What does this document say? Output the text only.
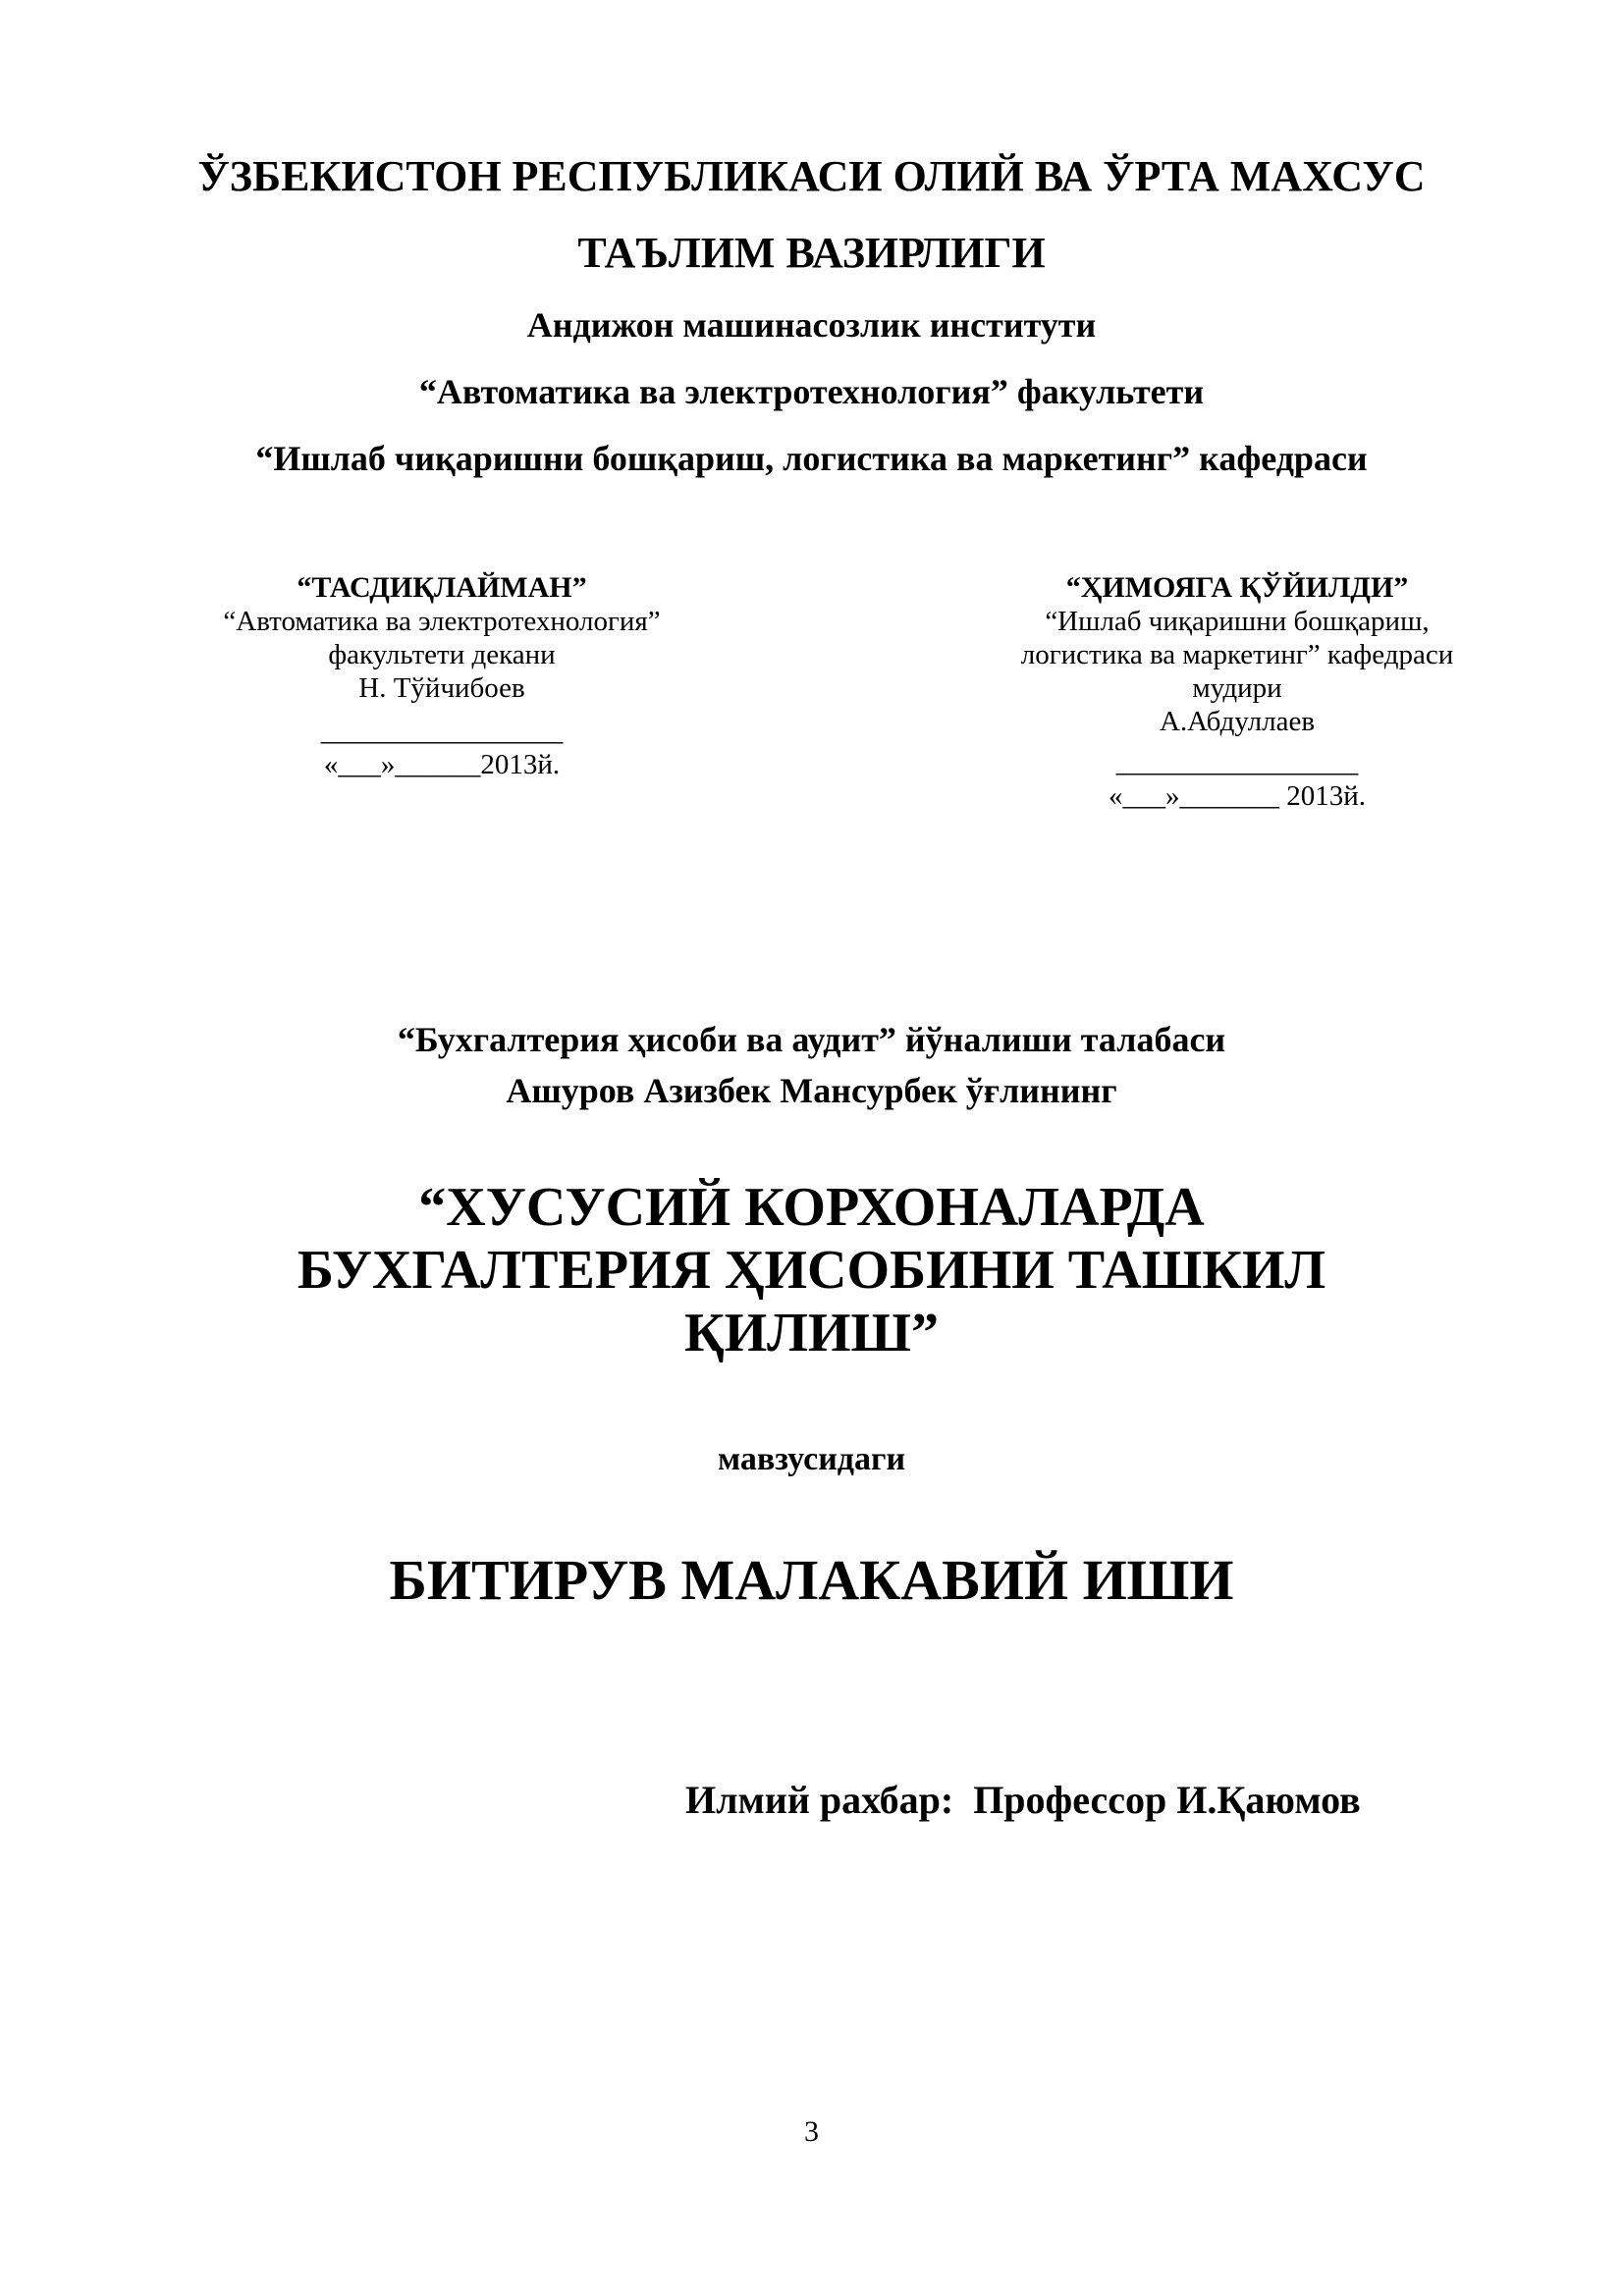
ЎЗБЕКИСТОН РЕСПУБЛИКАСИ ОЛИЙ ВА ЎРТА МАХСУС
ТАЪЛИМ ВАЗИРЛИГИ
Андижон машинасозлик институти
“Автоматика ва электротехнология” факультети
“Ишлаб чиқаришни бошқариш, логистика ва маркетинг” кафедраси
“ТАСДИҚЛАЙМАН”
“Автоматика ва электротехнология”
факультети декани
Н. Тўйчибоев
_________________
«___»______2013й.
“ҲИМОЯГА ҚЎЙИЛДИ”
“Ишлаб чиқаришни бошқариш,
логистика ва маркетинг” кафедраси
мудири
А.Абдуллаев
_________________
«___»_______ 2013й.
“Бухгалтерия ҳисоби ва аудит” йўналиши талабаси
Ашуров Азизбек Мансурбек ўғлининг
“ХУСУСИЙ КОРХОНАЛАРДА
БУХГАЛТЕРИЯ ҲИСОБИНИ ТАШКИЛ
ҚИЛИШ”
мавзусидаги
БИТИРУВ МАЛАКАВИЙ ИШИ
Илмий рахбар: Профессор И.Қаюмов
3
